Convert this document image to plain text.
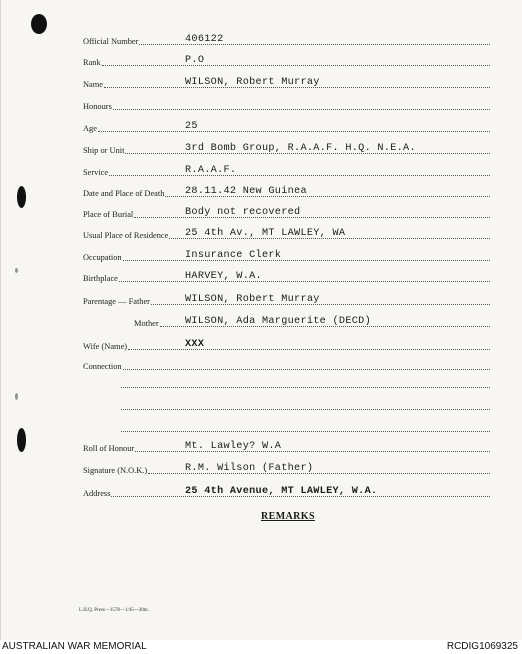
Official Number	406122
Rank	P.O
Name	WILSON, Robert Murray
Honours
Age	25
Ship or Unit	3rd Bomb Group, R.A.A.F. H.Q. N.E.A.
Service	R.A.A.F.
Date and Place of Death 28.11.42 New Guinea
Place of Burial	Body not recovered
Usual Place of Residence 25 4th Av., MT LAWLEY, WA
Occupation	Insurance Clerk
Birthplace	HARVEY, W.A.
Parentage — Father	WILSON, Robert Murray
Mother	WILSON, Ada Marguerite (DECD)
Wife (Name)	XXX
Connection
Roll of Honour	Mt. Lawley? W.A
Signature (N.O.K.)	R.M. Wilson (Father)
Address	25 4th Avenue, MT LAWLEY, W.A.
REMARKS
L.H.Q. Press—1578—1/45—20m.
AUSTRALIAN WAR MEMORIAL	RCDIG1069325
